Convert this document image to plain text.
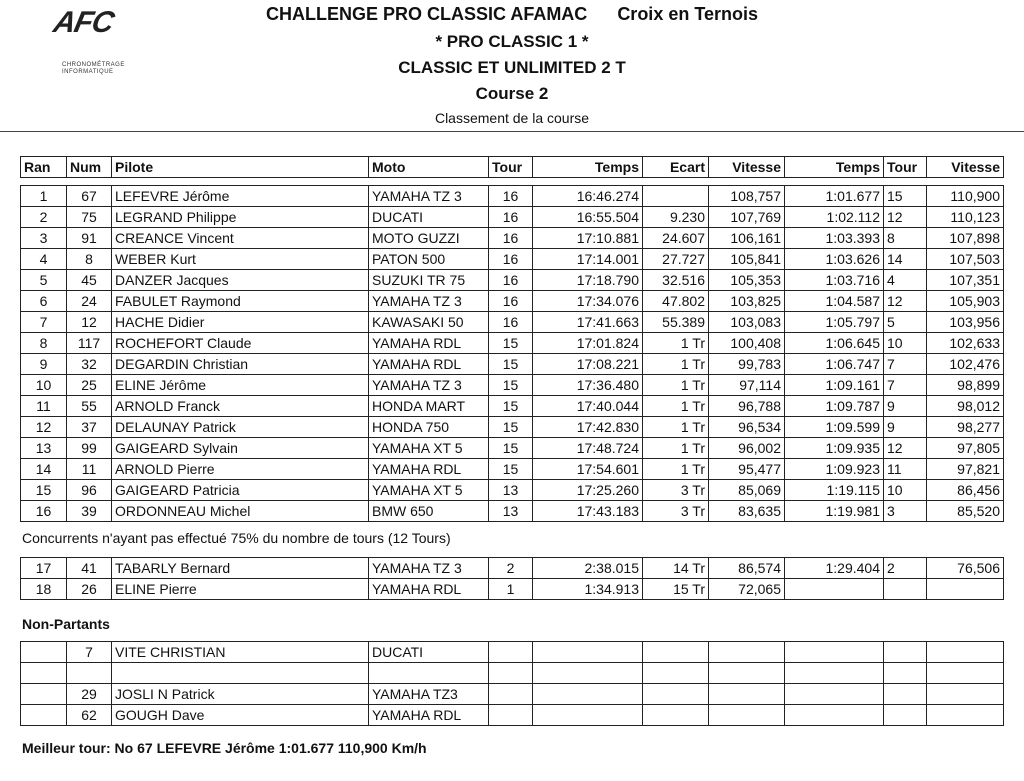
AFC
CHRONOMÉTRAGE
INFORMATIQUE
CHALLENGE PRO CLASSIC AFAMAC Croix en Ternois
* PRO CLASSIC 1 *
CLASSIC ET UNLIMITED 2 T
Course 2
Classement de la course
Ran	Num	Pilote	Moto	Tour	Temps	Ecart	Vitesse	Temps	Tour	Vitesse
1	67	LEFEVRE Jérôme	YAMAHA TZ 3	16	16:46.274		108,757	1:01.677	15	110,900
2	75	LEGRAND Philippe	DUCATI	16	16:55.504	9.230	107,769	1:02.112	12	110,123
3	91	CREANCE Vincent	MOTO GUZZI	16	17:10.881	24.607	106,161	1:03.393	8	107,898
4	8	WEBER Kurt	PATON 500	16	17:14.001	27.727	105,841	1:03.626	14	107,503
5	45	DANZER Jacques	SUZUKI TR 75	16	17:18.790	32.516	105,353	1:03.716	4	107,351
6	24	FABULET Raymond	YAMAHA TZ 3	16	17:34.076	47.802	103,825	1:04.587	12	105,903
7	12	HACHE Didier	KAWASAKI 50	16	17:41.663	55.389	103,083	1:05.797	5	103,956
8	117	ROCHEFORT Claude	YAMAHA RDL	15	17:01.824	1 Tr	100,408	1:06.645	10	102,633
9	32	DEGARDIN Christian	YAMAHA RDL	15	17:08.221	1 Tr	99,783	1:06.747	7	102,476
10	25	ELINE Jérôme	YAMAHA TZ 3	15	17:36.480	1 Tr	97,114	1:09.161	7	98,899
11	55	ARNOLD Franck	HONDA MART	15	17:40.044	1 Tr	96,788	1:09.787	9	98,012
12	37	DELAUNAY Patrick	HONDA 750	15	17:42.830	1 Tr	96,534	1:09.599	9	98,277
13	99	GAIGEARD Sylvain	YAMAHA XT 5	15	17:48.724	1 Tr	96,002	1:09.935	12	97,805
14	11	ARNOLD Pierre	YAMAHA RDL	15	17:54.601	1 Tr	95,477	1:09.923	11	97,821
15	96	GAIGEARD Patricia	YAMAHA XT 5	13	17:25.260	3 Tr	85,069	1:19.115	10	86,456
16	39	ORDONNEAU Michel	BMW 650	13	17:43.183	3 Tr	83,635	1:19.981	3	85,520
Concurrents n'ayant pas effectué 75% du nombre de tours (12 Tours)
17	41	TABARLY Bernard	YAMAHA TZ 3	2	2:38.015	14 Tr	86,574	1:29.404	2	76,506
18	26	ELINE Pierre	YAMAHA RDL	1	1:34.913	15 Tr	72,065			
Non-Partants
	7	VITE CHRISTIAN	DUCATI							

	29	JOSLI N Patrick	YAMAHA TZ3							
	62	GOUGH Dave	YAMAHA RDL							
Meilleur tour: No 67 LEFEVRE Jérôme 1:01.677 110,900 Km/h
